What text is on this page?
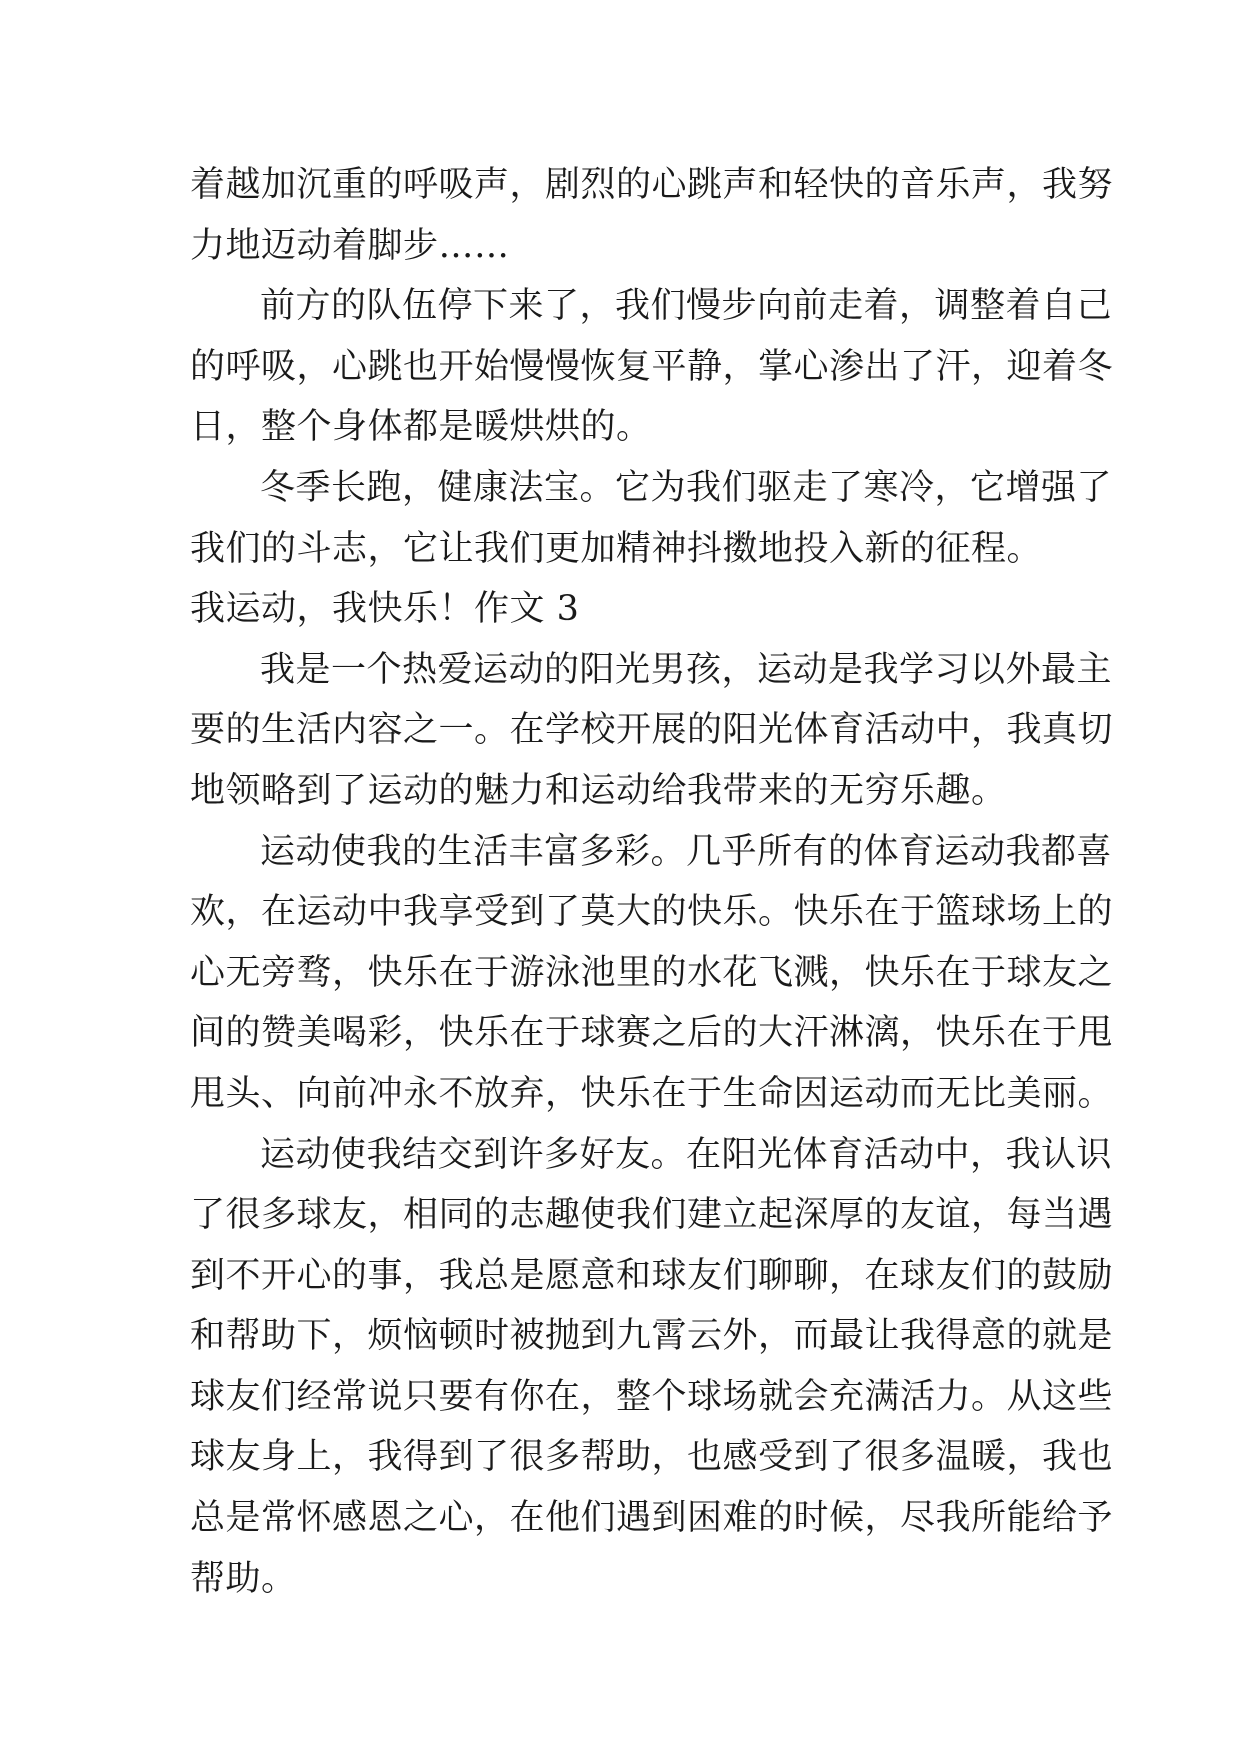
着越加沉重的呼吸声，剧烈的心跳声和轻快的音乐声，我努
力地迈动着脚步……
前方的队伍停下来了，我们慢步向前走着，调整着自己
的呼吸，心跳也开始慢慢恢复平静，掌心渗出了汗，迎着冬
日，整个身体都是暖烘烘的。
冬季长跑，健康法宝。它为我们驱走了寒冷，它增强了
我们的斗志，它让我们更加精神抖擞地投入新的征程。
我运动，我快乐！作文 3
我是一个热爱运动的阳光男孩，运动是我学习以外最主
要的生活内容之一。在学校开展的阳光体育活动中，我真切
地领略到了运动的魅力和运动给我带来的无穷乐趣。
运动使我的生活丰富多彩。几乎所有的体育运动我都喜
欢，在运动中我享受到了莫大的快乐。快乐在于篮球场上的
心无旁骛，快乐在于游泳池里的水花飞溅，快乐在于球友之
间的赞美喝彩，快乐在于球赛之后的大汗淋漓，快乐在于甩
甩头、向前冲永不放弃，快乐在于生命因运动而无比美丽。
运动使我结交到许多好友。在阳光体育活动中，我认识
了很多球友，相同的志趣使我们建立起深厚的友谊，每当遇
到不开心的事，我总是愿意和球友们聊聊，在球友们的鼓励
和帮助下，烦恼顿时被抛到九霄云外，而最让我得意的就是
球友们经常说只要有你在，整个球场就会充满活力。从这些
球友身上，我得到了很多帮助，也感受到了很多温暖，我也
总是常怀感恩之心，在他们遇到困难的时候，尽我所能给予
帮助。
